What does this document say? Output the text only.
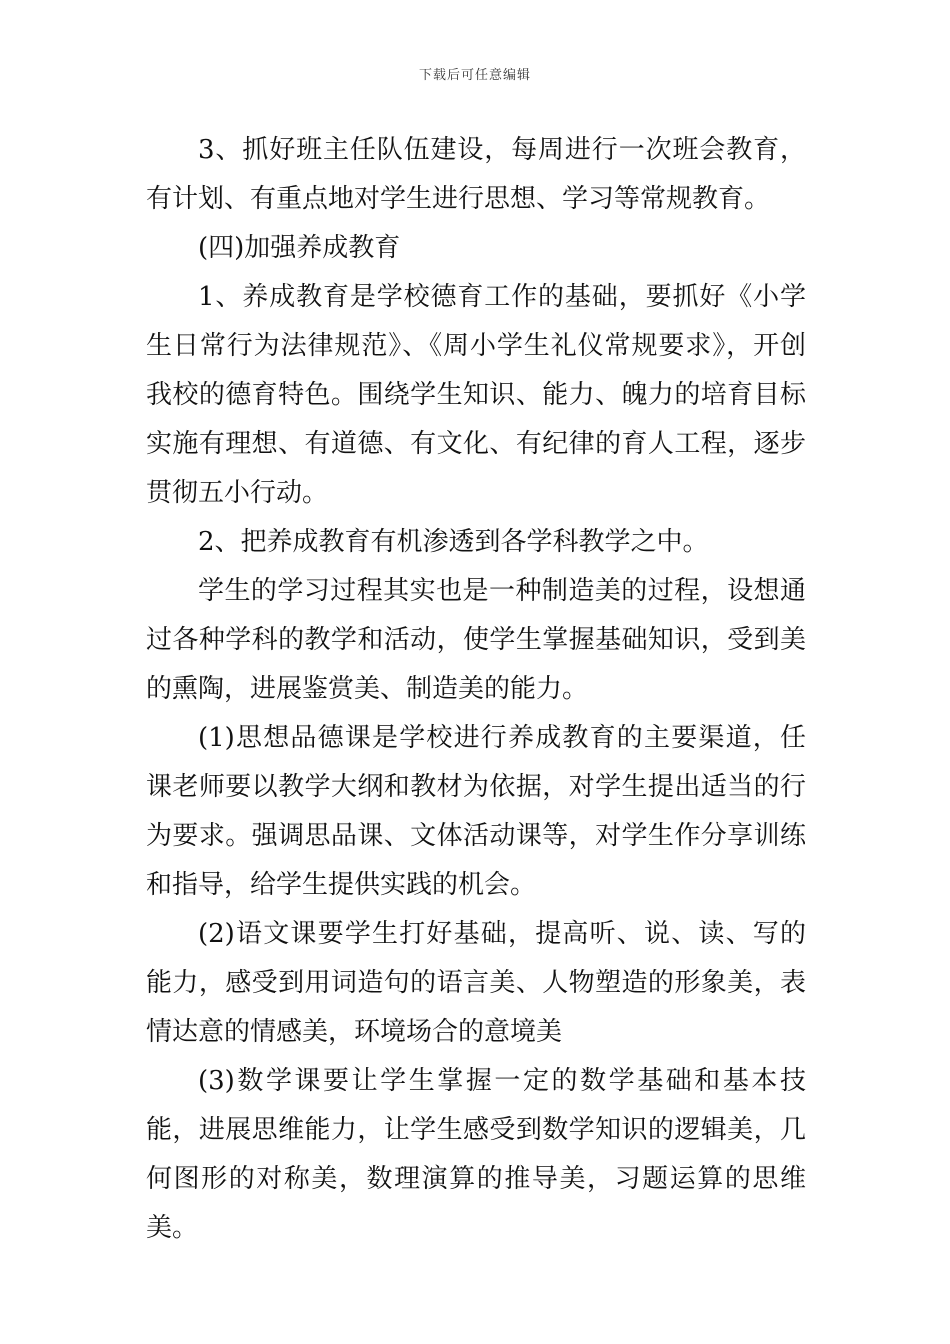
下载后可任意编辑

3、抓好班主任队伍建设，每周进行一次班会教育，有计划、有重点地对学生进行思想、学习等常规教育。

(四)加强养成教育

1、养成教育是学校德育工作的基础，要抓好《小学生日常行为法律规范》、《周小学生礼仪常规要求》，开创我校的德育特色。围绕学生知识、能力、魄力的培育目标实施有理想、有道德、有文化、有纪律的育人工程，逐步贯彻五小行动。

2、把养成教育有机渗透到各学科教学之中。

学生的学习过程其实也是一种制造美的过程，设想通过各种学科的教学和活动，使学生掌握基础知识，受到美的熏陶，进展鉴赏美、制造美的能力。

(1)思想品德课是学校进行养成教育的主要渠道，任课老师要以教学大纲和教材为依据，对学生提出适当的行为要求。强调思品课、文体活动课等，对学生作分享训练和指导，给学生提供实践的机会。

(2)语文课要学生打好基础，提高听、说、读、写的能力，感受到用词造句的语言美、人物塑造的形象美，表情达意的情感美，环境场合的意境美

(3)数学课要让学生掌握一定的数学基础和基本技能，进展思维能力，让学生感受到数学知识的逻辑美，几何图形的对称美，数理演算的推导美，习题运算的思维美。
